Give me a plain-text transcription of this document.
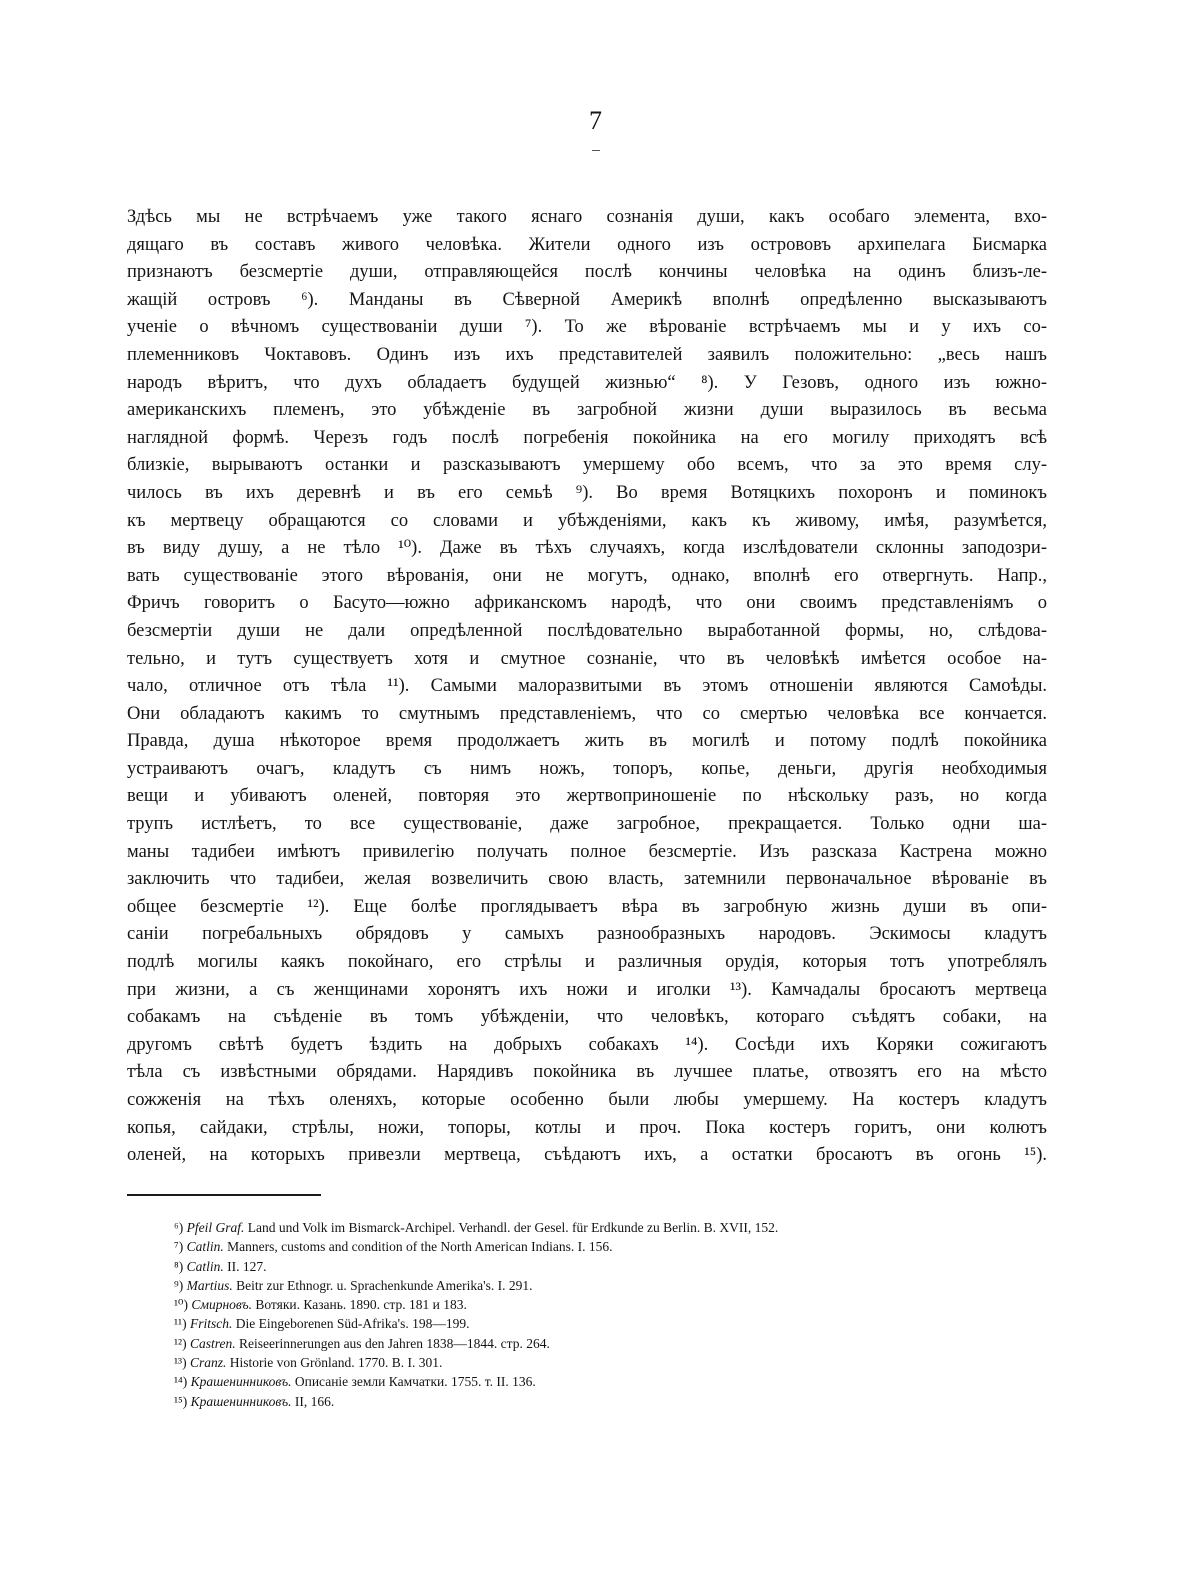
7
Здѣсь мы не встрѣчаемъ уже такого яснаго сознанія души, какъ особаго элемента, вхо-
дящаго въ составъ живого человѣка. Жители одного изъ острововъ архипелага Бисмарка
признаютъ безсмертіе души, отправляющейся послѣ кончины человѣка на одинъ близъ-ле-
жащій островъ ⁶). Манданы въ Сѣверной Америкѣ вполнѣ опредѣленно высказываютъ
ученіе о вѣчномъ существованіи души ⁷). То же вѣрованіе встрѣчаемъ мы и у ихъ со-
племенниковъ Чоктавовъ. Одинъ изъ ихъ представителей заявилъ положительно: „весь нашъ
народъ вѣритъ, что духъ обладаетъ будущей жизнью“ ⁸). У Гезовъ, одного изъ южно-
американскихъ племенъ, это убѣжденіе въ загробной жизни души выразилось въ весьма
наглядной формѣ. Черезъ годъ послѣ погребенія покойника на его могилу приходятъ всѣ
близкіе, вырываютъ останки и разсказываютъ умершему обо всемъ, что за это время слу-
чилось въ ихъ деревнѣ и въ его семьѣ ⁹). Во время Вотяцкихъ похоронъ и поминокъ
къ мертвецу обращаются со словами и убѣжденіями, какъ къ живому, имѣя, разумѣется,
въ виду душу, а не тѣло ¹⁰). Даже въ тѣхъ случаяхъ, когда изслѣдователи склонны заподозри-
вать существованіе этого вѣрованія, они не могутъ, однако, вполнѣ его отвергнуть. Напр.,
Фричъ говоритъ о Басуто—южно африканскомъ народѣ, что они своимъ представленіямъ о
безсмертіи души не дали опредѣленной послѣдовательно выработанной формы, но, слѣдова-
тельно, и тутъ существуетъ хотя и смутное сознаніе, что въ человѣкѣ имѣется особое на-
чало, отличное отъ тѣла ¹¹). Самыми малоразвитыми въ этомъ отношеніи являются Самоѣды.
Они обладаютъ какимъ то смутнымъ представленіемъ, что со смертью человѣка все кончается.
Правда, душа нѣкоторое время продолжаетъ жить въ могилѣ и потому подлѣ покойника
устраиваютъ очагъ, кладутъ съ нимъ ножъ, топоръ, копье, деньги, другія необходимыя
вещи и убиваютъ оленей, повторяя это жертвоприношеніе по нѣскольку разъ, но когда
трупъ истлѣетъ, то все существованіе, даже загробное, прекращается. Только одни ша-
маны тадибеи имѣютъ привилегію получать полное безсмертіе. Изъ разсказа Кастрена можно
заключить что тадибеи, желая возвеличить свою власть, затемнили первоначальное вѣрованіе въ
общее безсмертіе ¹²). Еще болѣе проглядываетъ вѣра въ загробную жизнь души въ опи-
саніи погребальныхъ обрядовъ у самыхъ разнообразныхъ народовъ. Эскимосы кладутъ
подлѣ могилы каякъ покойнаго, его стрѣлы и различныя орудія, которыя тотъ употреблялъ
при жизни, а съ женщинами хоронятъ ихъ ножи и иголки ¹³). Камчадалы бросаютъ мертвеца
собакамъ на съѣденіе въ томъ убѣжденіи, что человѣкъ, котораго съѣдятъ собаки, на
другомъ свѣтѣ будетъ ѣздить на добрыхъ собакахъ ¹⁴). Сосѣди ихъ Коряки сожигаютъ
тѣла съ извѣстными обрядами. Нарядивъ покойника въ лучшее платье, отвозятъ его на мѣсто
сожженія на тѣхъ оленяхъ, которые особенно были любы умершему. На костеръ кладутъ
копья, сайдаки, стрѣлы, ножи, топоры, котлы и проч. Пока костеръ горитъ, они колютъ
оленей, на которыхъ привезли мертвеца, съѣдаютъ ихъ, а остатки бросаютъ въ огонь ¹⁵).
⁶) Pfeil Graf. Land und Volk im Bismarck-Archipel. Verhandl. der Gesel. für Erdkunde zu Berlin. B. XVII, 152.
⁷) Catlin. Manners, customs and condition of the North American Indians. I. 156.
⁸) Catlin. II. 127.
⁹) Martius. Beitr zur Ethnogr. u. Sprachenkunde Amerika's. I. 291.
¹⁰) Смирновъ. Вотяки. Казань. 1890. стр. 181 и 183.
¹¹) Fritsch. Die Eingeborenen Süd-Afrika's. 198—199.
¹²) Castren. Reiseerinnerungen aus den Jahren 1838—1844. стр. 264.
¹³) Cranz. Historie von Grönland. 1770. B. I. 301.
¹⁴) Крашенинниковъ. Описаніе земли Камчатки. 1755. т. II. 136.
¹⁵) Крашенинниковъ. II, 166.
